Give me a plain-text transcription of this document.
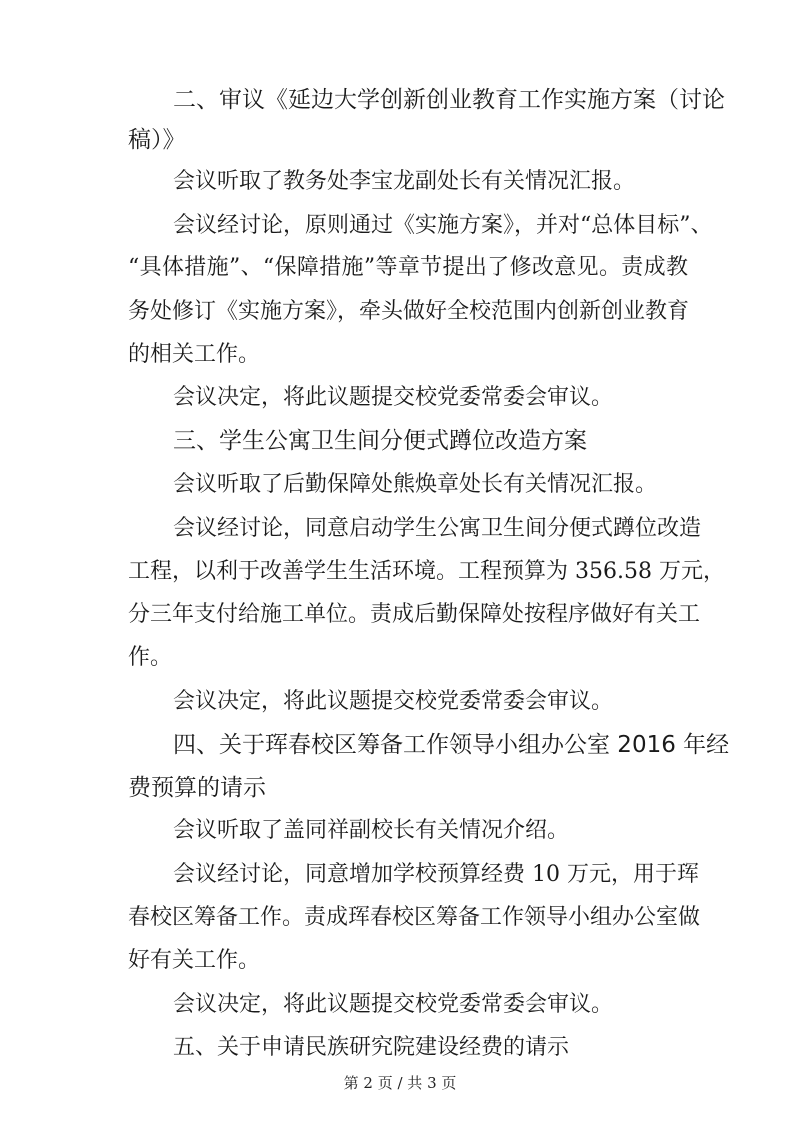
二、审议《延边大学创新创业教育工作实施方案（讨论

稿）》

会议听取了教务处李宝龙副处长有关情况汇报。

会议经讨论，原则通过《实施方案》，并对“总体目标”、

“具体措施”、“保障措施”等章节提出了修改意见。责成教

务处修订《实施方案》，牵头做好全校范围内创新创业教育

的相关工作。

会议决定，将此议题提交校党委常委会审议。

三、学生公寓卫生间分便式蹲位改造方案

会议听取了后勤保障处熊焕章处长有关情况汇报。

会议经讨论，同意启动学生公寓卫生间分便式蹲位改造

工程，以利于改善学生生活环境。工程预算为 356.58 万元，

分三年支付给施工单位。责成后勤保障处按程序做好有关工

作。

会议决定，将此议题提交校党委常委会审议。

四、关于珲春校区筹备工作领导小组办公室 2016 年经

费预算的请示

会议听取了盖同祥副校长有关情况介绍。

会议经讨论，同意增加学校预算经费 10 万元，用于珲

春校区筹备工作。责成珲春校区筹备工作领导小组办公室做

好有关工作。

会议决定，将此议题提交校党委常委会审议。

五、关于申请民族研究院建设经费的请示

第 2 页 / 共 3 页
